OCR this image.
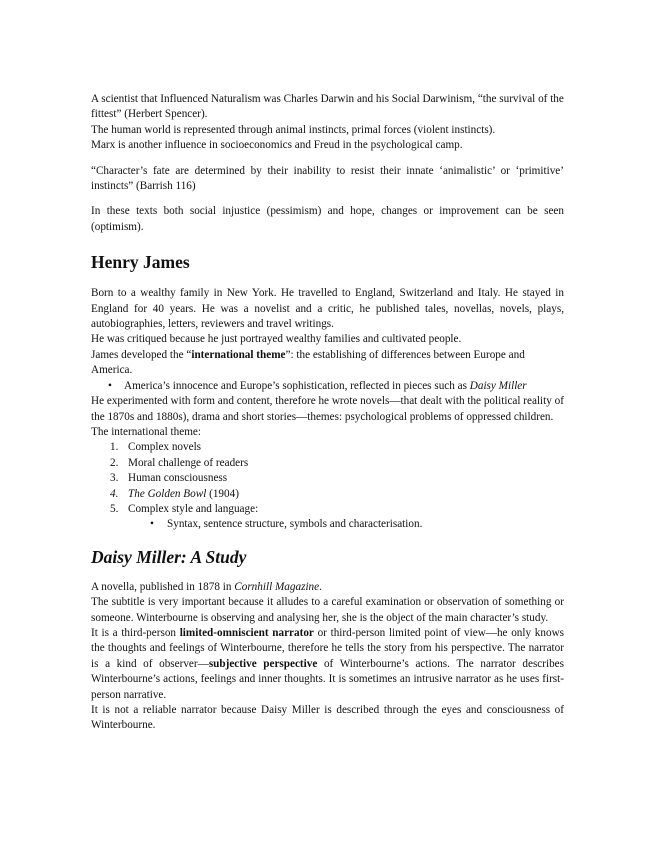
A scientist that Influenced Naturalism was Charles Darwin and his Social Darwinism, “the survival of the fittest” (Herbert Spencer).

The human world is represented through animal instincts, primal forces (violent instincts).

Marx is another influence in socioeconomics and Freud in the psychological camp.

“Character’s fate are determined by their inability to resist their innate ‘animalistic’ or ‘primitive’ instincts” (Barrish 116)

In these texts both social injustice (pessimism) and hope, changes or improvement can be seen (optimism).

Henry James

Born to a wealthy family in New York. He travelled to England, Switzerland and Italy. He stayed in England for 40 years. He was a novelist and a critic, he published tales, novellas, novels, plays, autobiographies, letters, reviewers and travel writings.

He was critiqued because he just portrayed wealthy families and cultivated people.

James developed the “international theme”: the establishing of differences between Europe and America.

• America’s innocence and Europe’s sophistication, reflected in pieces such as Daisy Miller

He experimented with form and content, therefore he wrote novels—that dealt with the political reality of the 1870s and 1880s), drama and short stories—themes: psychological problems of oppressed children.

The international theme:

1. Complex novels
2. Moral challenge of readers
3. Human consciousness
4. The Golden Bowl (1904)
5. Complex style and language:
• Syntax, sentence structure, symbols and characterisation.
Daisy Miller: A Study

A novella, published in 1878 in Cornhill Magazine.

The subtitle is very important because it alludes to a careful examination or observation of something or someone. Winterbourne is observing and analysing her, she is the object of the main character’s study.

It is a third-person limited-omniscient narrator or third-person limited point of view—he only knows the thoughts and feelings of Winterbourne, therefore he tells the story from his perspective. The narrator is a kind of observer—subjective perspective of Winterbourne’s actions. The narrator describes Winterbourne’s actions, feelings and inner thoughts. It is sometimes an intrusive narrator as he uses first-person narrative.

It is not a reliable narrator because Daisy Miller is described through the eyes and consciousness of Winterbourne.
